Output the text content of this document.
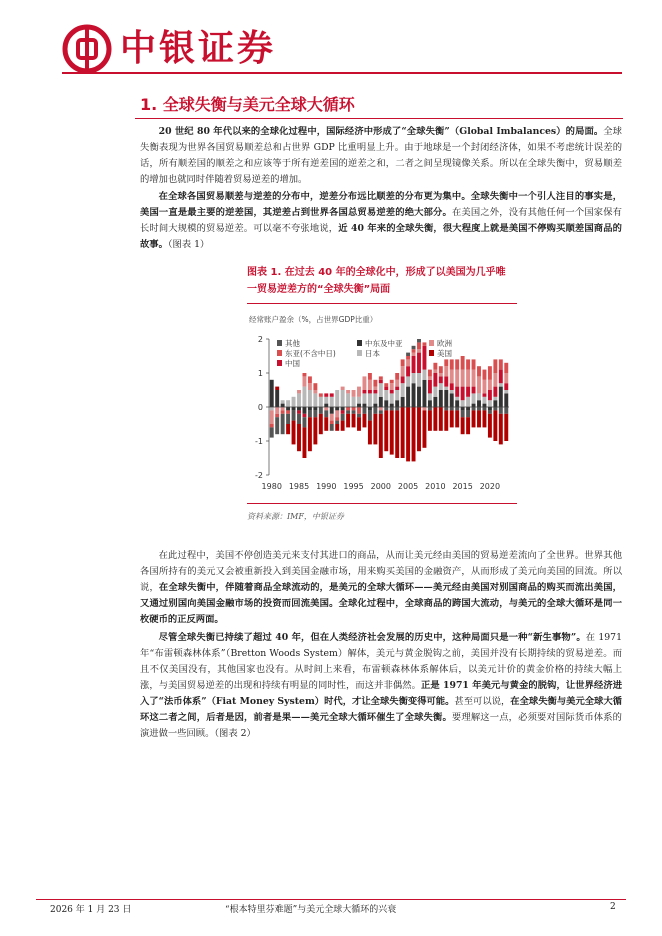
中银证券
1. 全球失衡与美元全球大循环
20 世纪 80 年代以来的全球化过程中，国际经济中形成了“全球失衡”（Global Imbalances）的局面。全球失衡表现为世界各国贸易顺差总和占世界 GDP 比重明显上升。由于地球是一个封闭经济体，如果不考虑统计误差的话，所有顺差国的顺差之和应该等于所有逆差国的逆差之和，二者之间呈现镜像关系。所以在全球失衡中，贸易顺差的增加也就同时伴随着贸易逆差的增加。
在全球各国贸易顺差与逆差的分布中，逆差分布远比顺差的分布更为集中。全球失衡中一个引人注目的事实是，美国一直是最主要的逆差国，其逆差占到世界各国总贸易逆差的绝大部分。在美国之外，没有其他任何一个国家保有长时间大规模的贸易逆差。可以毫不夸张地说，近 40 年来的全球失衡，很大程度上就是美国不停购买顺差国商品的故事。（图表 1）
图表 1. 在过去 40 年的全球化中，形成了以美国为几乎唯一贸易逆差方的“全球失衡”局面
经常账户盈余（%，占世界GDP比重）
其他	中东及中亚	欧洲
东亚(不含中日)	日本	美国
中国
2
1
0
-1
-2
1980 1985 1990 1995 2000 2005 2010 2015 2020
资料来源：IMF，中银证券
在此过程中，美国不停创造美元来支付其进口的商品，从而让美元经由美国的贸易逆差流向了全世界。世界其他各国所持有的美元又会被重新投入到美国金融市场，用来购买美国的金融资产，从而形成了美元向美国的回流。所以说，在全球失衡中，伴随着商品全球流动的，是美元的全球大循环——美元经由美国对别国商品的购买而流出美国，又通过别国向美国金融市场的投资而回流美国。全球化过程中，全球商品的跨国大流动，与美元的全球大循环是同一枚硬币的正反两面。
尽管全球失衡已持续了超过 40 年，但在人类经济社会发展的历史中，这种局面只是一种“新生事物”。在 1971 年“布雷顿森林体系”（Bretton Woods System）解体，美元与黄金脱钩之前，美国并没有长期持续的贸易逆差。而且不仅美国没有，其他国家也没有。从时间上来看，布雷顿森林体系解体后，以美元计价的黄金价格的持续大幅上涨，与美国贸易逆差的出现和持续有明显的同时性，而这并非偶然。正是 1971 年美元与黄金的脱钩，让世界经济进入了“法币体系”（Fiat Money System）时代，才让全球失衡变得可能。甚至可以说，在全球失衡与美元全球大循环这二者之间，后者是因，前者是果——美元全球大循环催生了全球失衡。要理解这一点，必须要对国际货币体系的演进做一些回顾。（图表 2）
2026 年 1 月 23 日	“根本特里芬难题”与美元全球大循环的兴衰	2
